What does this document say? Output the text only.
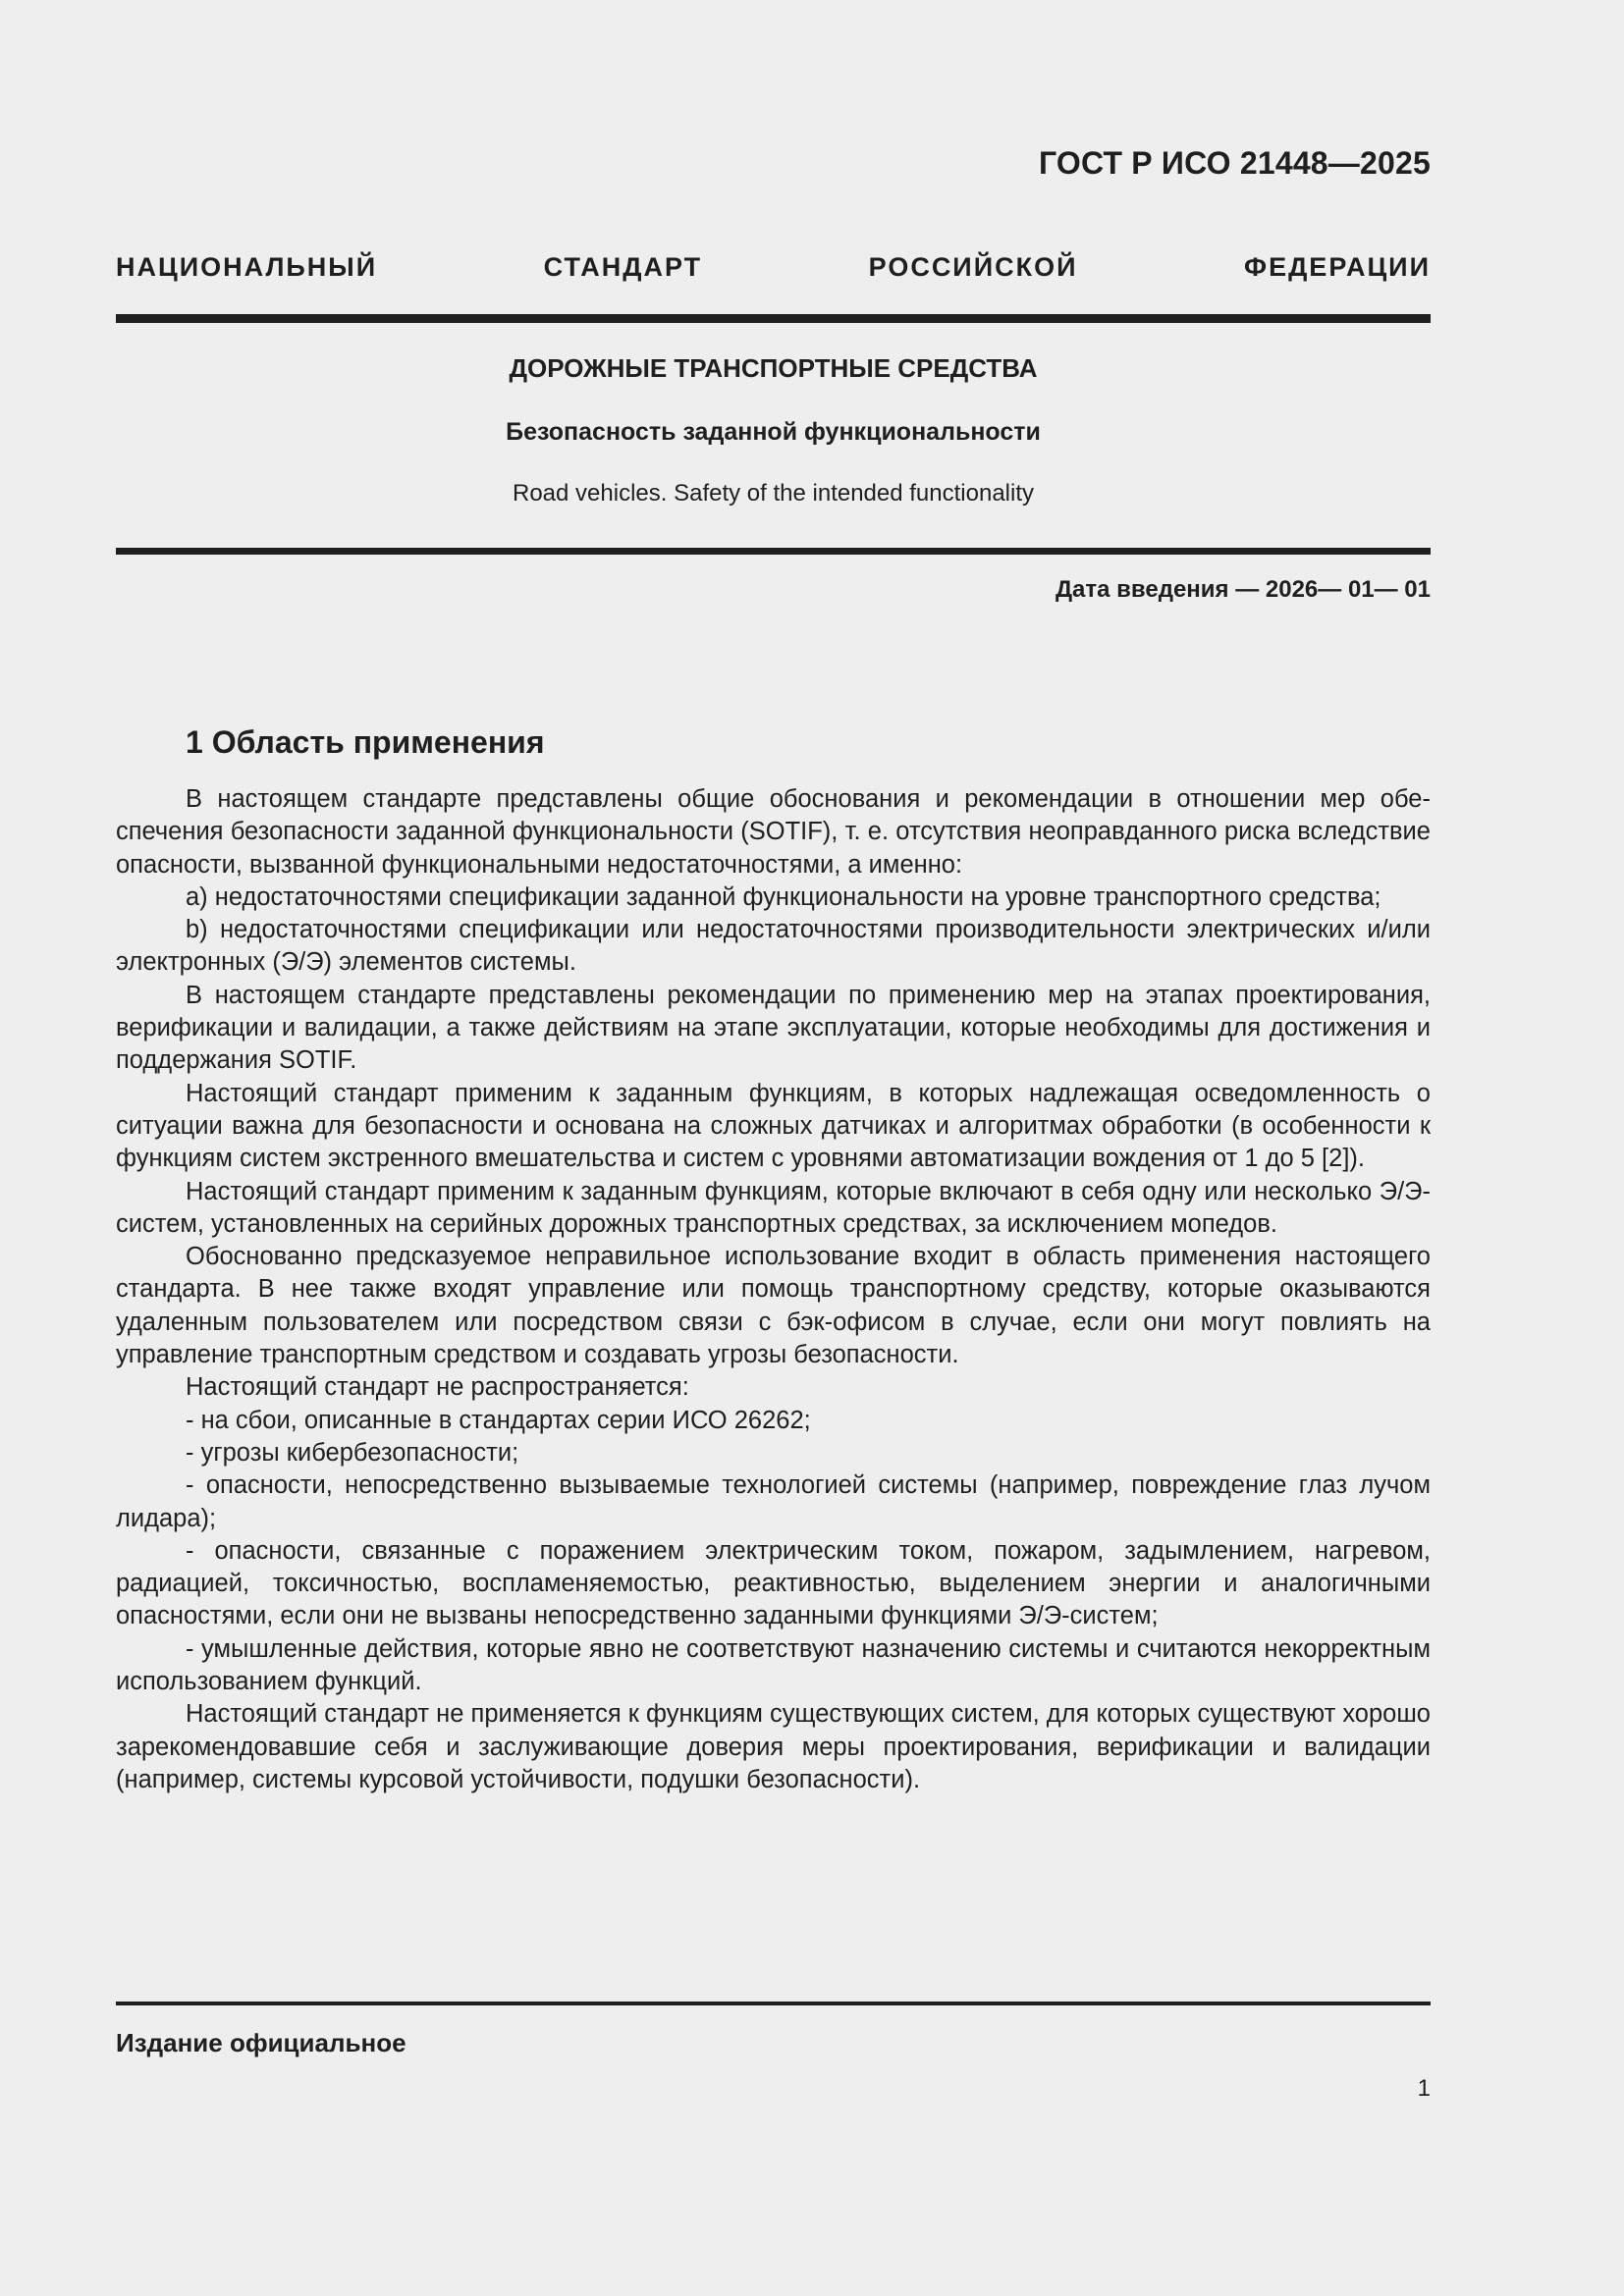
ГОСТ Р ИСО 21448—2025
НАЦИОНАЛЬНЫЙ СТАНДАРТ РОССИЙСКОЙ ФЕДЕРАЦИИ
ДОРОЖНЫЕ ТРАНСПОРТНЫЕ СРЕДСТВА
Безопасность заданной функциональности
Road vehicles. Safety of the intended functionality
Дата введения — 2026— 01— 01
1 Область применения

В настоящем стандарте представлены общие обоснования и рекомендации в отношении мер обеспечения безопасности заданной функциональности (SOTIF), т. е. отсутствия неоправданного риска вследствие опасности, вызванной функциональными недостаточностями, а именно:

a) недостаточностями спецификации заданной функциональности на уровне транспортного средства;

b) недостаточностями спецификации или недостаточностями производительности электрических и/или электронных (Э/Э) элементов системы.

В настоящем стандарте представлены рекомендации по применению мер на этапах проектирования, верификации и валидации, а также действиям на этапе эксплуатации, которые необходимы для достижения и поддержания SOTIF.

Настоящий стандарт применим к заданным функциям, в которых надлежащая осведомленность о ситуации важна для безопасности и основана на сложных датчиках и алгоритмах обработки (в особенности к функциям систем экстренного вмешательства и систем с уровнями автоматизации вождения от 1 до 5 [2]).

Настоящий стандарт применим к заданным функциям, которые включают в себя одну или несколько Э/Э-систем, установленных на серийных дорожных транспортных средствах, за исключением мопедов.

Обоснованно предсказуемое неправильное использование входит в область применения настоящего стандарта. В нее также входят управление или помощь транспортному средству, которые оказываются удаленным пользователем или посредством связи с бэк-офисом в случае, если они могут повлиять на управление транспортным средством и создавать угрозы безопасности.

Настоящий стандарт не распространяется:

- на сбои, описанные в стандартах серии ИСО 26262;

- угрозы кибербезопасности;

- опасности, непосредственно вызываемые технологией системы (например, повреждение глаз лучом лидара);

- опасности, связанные с поражением электрическим током, пожаром, задымлением, нагревом, радиацией, токсичностью, воспламеняемостью, реактивностью, выделением энергии и аналогичными опасностями, если они не вызваны непосредственно заданными функциями Э/Э-систем;

- умышленные действия, которые явно не соответствуют назначению системы и считаются некорректным использованием функций.

Настоящий стандарт не применяется к функциям существующих систем, для которых существуют хорошо зарекомендовавшие себя и заслуживающие доверия меры проектирования, верификации и валидации (например, системы курсовой устойчивости, подушки безопасности).

Издание официальное
1
